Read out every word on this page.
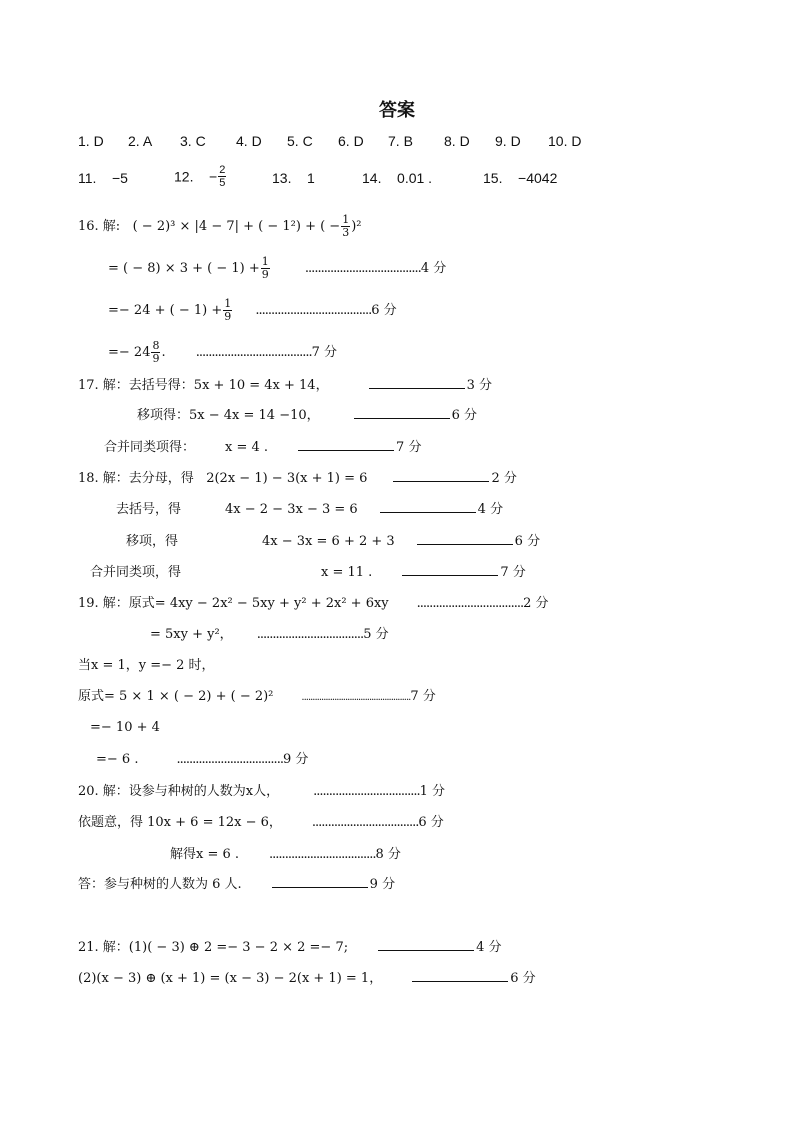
答案
1. D 2. A 3. C 4. D 5. C 6. D 7. B 8. D 9. D 10. D
11. −5	12. − $\frac{2}{5}$	13. 1	14. 0.01 .	15. −4042
16. 解: ( − 2)³ × |4 − 7| + ( − 1²) + ( − $\frac{1}{3} )^2$
= ( − 8) × 3 + ( − $1) + \frac{1}{9}$	.....................................4 分
=− 24 + ( − $1) + \frac{1}{9} .....................................6$ 分
=− $24 \frac{8}{9}$ . .....................................7 分
17. 解：去括号得：5x + 10 = 4x + 14，	3 分
移项得：5x − 4x = 14 −10，	6 分
合并同类项得： x = 4 .	7 分
18. 解：去分母，得 2(2x − 1) − 3(x + 1) = 6	2 分
去括号，得	4x − 2 − 3x − 3 = 6	4 分
移项，得	4x − 3x = 6 + 2 + 3	6 分
合并同类项，得	x = 11 .	7 分
19. 解：原式= 4xy − 2x² − 5xy + y² + 2x² + 6xy ..................................2 分
= 5xy + y²， ..................................5 分
当x = 1，y =− 2 时，
原式= 5 × 1 × ( − 2) + ( − 2)²	..................................................7 分
=− 10 + 4
=− 6 .	..................................9 分
20. 解：设参与种树的人数为x人，	..................................1 分
依题意，得 10x + 6 = 12x − 6， ..................................6 分
解得x = 6 . ..................................8 分
答：参与种树的人数为 6 人.	9 分
21. 解：(1)( − 3) ⊕ 2 =− 3 − 2 × 2 =− 7;	4 分
(2)(x − 3) ⊕ (x + 1) = (x − 3) − 2(x + 1) = 1，	6 分
